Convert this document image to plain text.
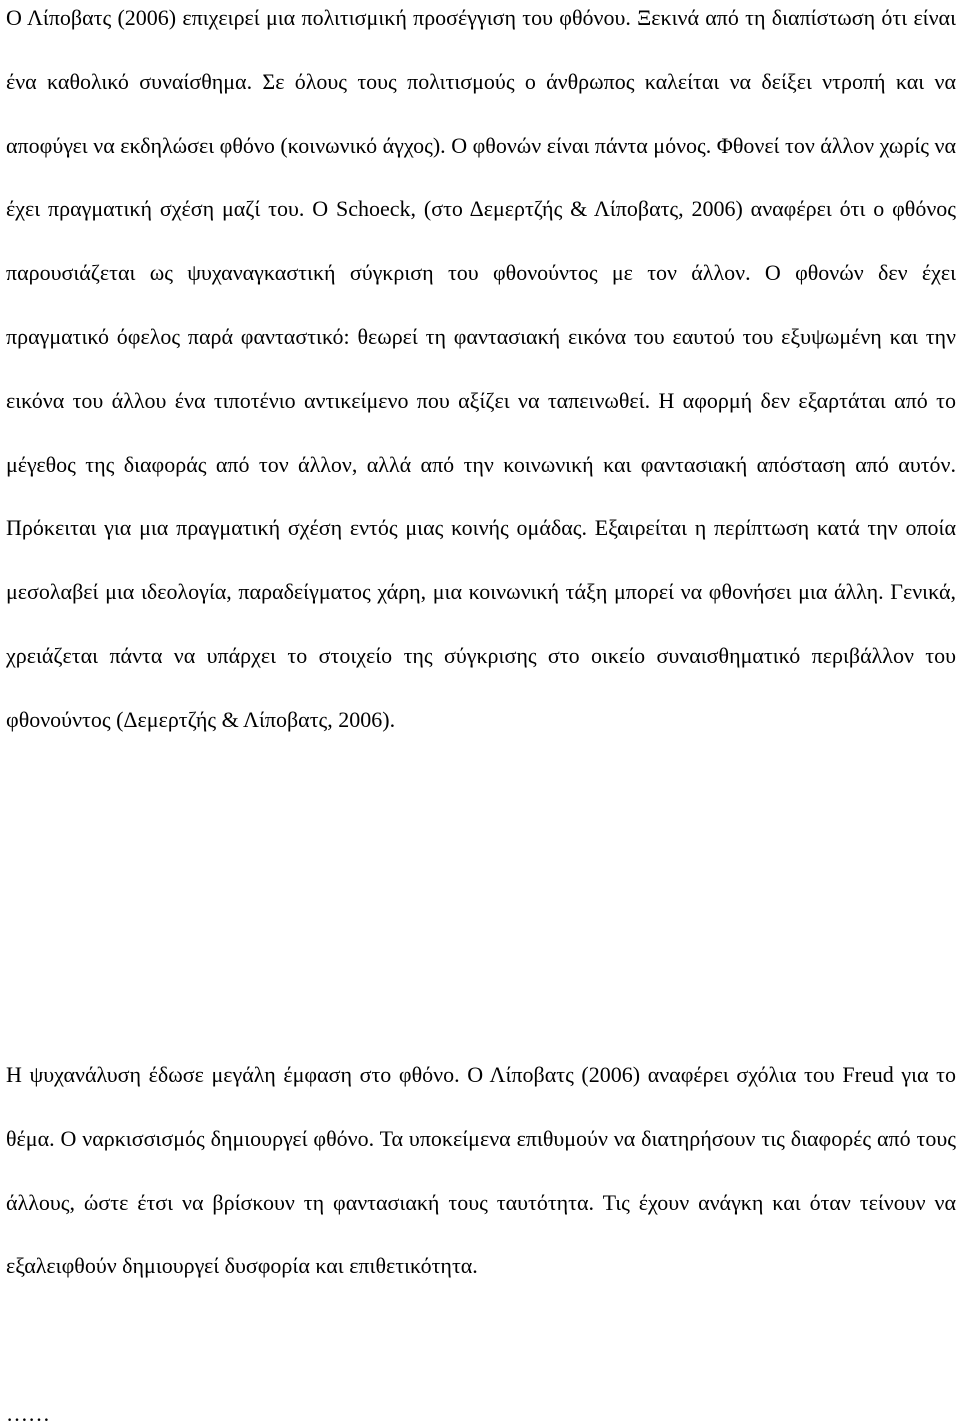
Ο Λίποβατς (2006) επιχειρεί μια πολιτισμική προσέγγιση του φθόνου. Ξεκινά από τη διαπίστωση ότι είναι ένα καθολικό συναίσθημα. Σε όλους τους πολιτισμούς ο άνθρωπος καλείται να δείξει ντροπή και να αποφύγει να εκδηλώσει φθόνο (κοινωνικό άγχος). Ο φθονών είναι πάντα μόνος. Φθονεί τον άλλον χωρίς να έχει πραγματική σχέση μαζί του. Ο Schoeck, (στο Δεμερτζής & Λίποβατς, 2006) αναφέρει ότι ο φθόνος παρουσιάζεται ως ψυχαναγκαστική σύγκριση του φθονούντος με τον άλλον. Ο φθονών δεν έχει πραγματικό όφελος παρά φανταστικό: θεωρεί τη φαντασιακή εικόνα του εαυτού του εξυψωμένη και την εικόνα του άλλου ένα τιποτένιο αντικείμενο που αξίζει να ταπεινωθεί. Η αφορμή δεν εξαρτάται από το μέγεθος της διαφοράς από τον άλλον, αλλά από την κοινωνική και φαντασιακή απόσταση από αυτόν. Πρόκειται για μια πραγματική σχέση εντός μιας κοινής ομάδας. Εξαιρείται η περίπτωση κατά την οποία μεσολαβεί μια ιδεολογία, παραδείγματος χάρη, μια κοινωνική τάξη μπορεί να φθονήσει μια άλλη. Γενικά, χρειάζεται πάντα να υπάρχει το στοιχείο της σύγκρισης στο οικείο συναισθηματικό περιβάλλον του φθονούντος (Δεμερτζής & Λίποβατς, 2006).

Η ψυχανάλυση έδωσε μεγάλη έμφαση στο φθόνο. Ο Λίποβατς (2006) αναφέρει σχόλια του Freud για το θέμα. Ο ναρκισσισμός δημιουργεί φθόνο. Τα υποκείμενα επιθυμούν να διατηρήσουν τις διαφορές από τους άλλους, ώστε έτσι να βρίσκουν τη φαντασιακή τους ταυτότητα. Τις έχουν ανάγκη και όταν τείνουν να εξαλειφθούν δημιουργεί δυσφορία και επιθετικότητα.

……
